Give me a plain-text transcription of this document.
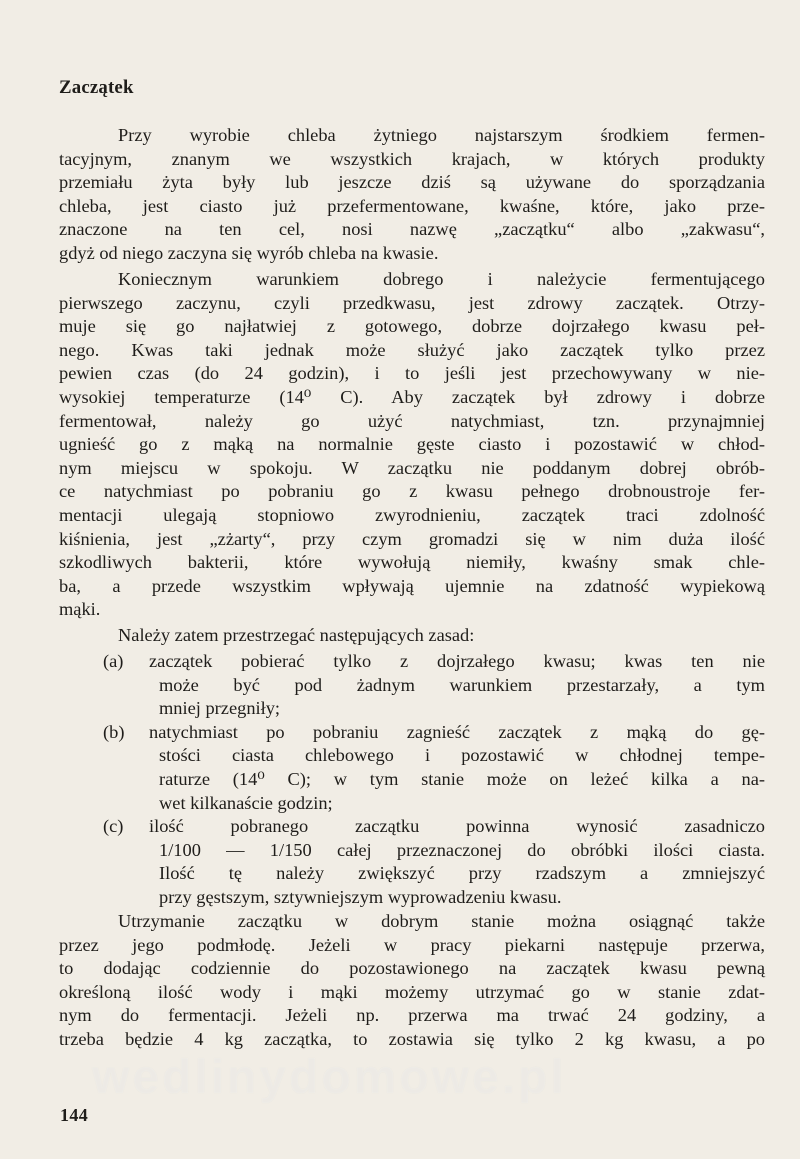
Zaczątek
Przy wyrobie chleba żytniego najstarszym środkiem fermen-
tacyjnym, znanym we wszystkich krajach, w których produkty
przemiału żyta były lub jeszcze dziś są używane do sporządzania
chleba, jest ciasto już przefermentowane, kwaśne, które, jako prze-
znaczone na ten cel, nosi nazwę „zaczątku“ albo „zakwasu“,
gdyż od niego zaczyna się wyrób chleba na kwasie.
Koniecznym warunkiem dobrego i należycie fermentującego
pierwszego zaczynu, czyli przedkwasu, jest zdrowy zaczątek. Otrzy-
muje się go najłatwiej z gotowego, dobrze dojrzałego kwasu peł-
nego. Kwas taki jednak może służyć jako zaczątek tylko przez
pewien czas (do 24 godzin), i to jeśli jest przechowywany w nie-
wysokiej temperaturze (14⁰ C). Aby zaczątek był zdrowy i dobrze
fermentował, należy go użyć natychmiast, tzn. przynajmniej
ugnieść go z mąką na normalnie gęste ciasto i pozostawić w chłod-
nym miejscu w spokoju. W zaczątku nie poddanym dobrej obrób-
ce natychmiast po pobraniu go z kwasu pełnego drobnoustroje fer-
mentacji ulegają stopniowo zwyrodnieniu, zaczątek traci zdolność
kiśnienia, jest „zżarty“, przy czym gromadzi się w nim duża ilość
szkodliwych bakterii, które wywołują niemiły, kwaśny smak chle-
ba, a przede wszystkim wpływają ujemnie na zdatność wypiekową
mąki.
Należy zatem przestrzegać następujących zasad:
(a)	zaczątek pobierać tylko z dojrzałego kwasu; kwas ten nie
może być pod żadnym warunkiem przestarzały, a tym
mniej przegniły;
(b)	natychmiast po pobraniu zagnieść zaczątek z mąką do gę-
stości ciasta chlebowego i pozostawić w chłodnej tempe-
raturze (14⁰ C); w tym stanie może on leżeć kilka a na-
wet kilkanaście godzin;
(c)	ilość pobranego zaczątku powinna wynosić zasadniczo
1/100 — 1/150 całej przeznaczonej do obróbki ilości ciasta.
Ilość tę należy zwiększyć przy rzadszym a zmniejszyć
przy gęstszym, sztywniejszym wyprowadzeniu kwasu.
Utrzymanie zaczątku w dobrym stanie można osiągnąć także
przez jego podmłodę. Jeżeli w pracy piekarni następuje przerwa,
to dodając codziennie do pozostawionego na zaczątek kwasu pewną
określoną ilość wody i mąki możemy utrzymać go w stanie zdat-
nym do fermentacji. Jeżeli np. przerwa ma trwać 24 godziny, a
trzeba będzie 4 kg zaczątka, to zostawia się tylko 2 kg kwasu, a po
wedlinydomowe.pl
144
